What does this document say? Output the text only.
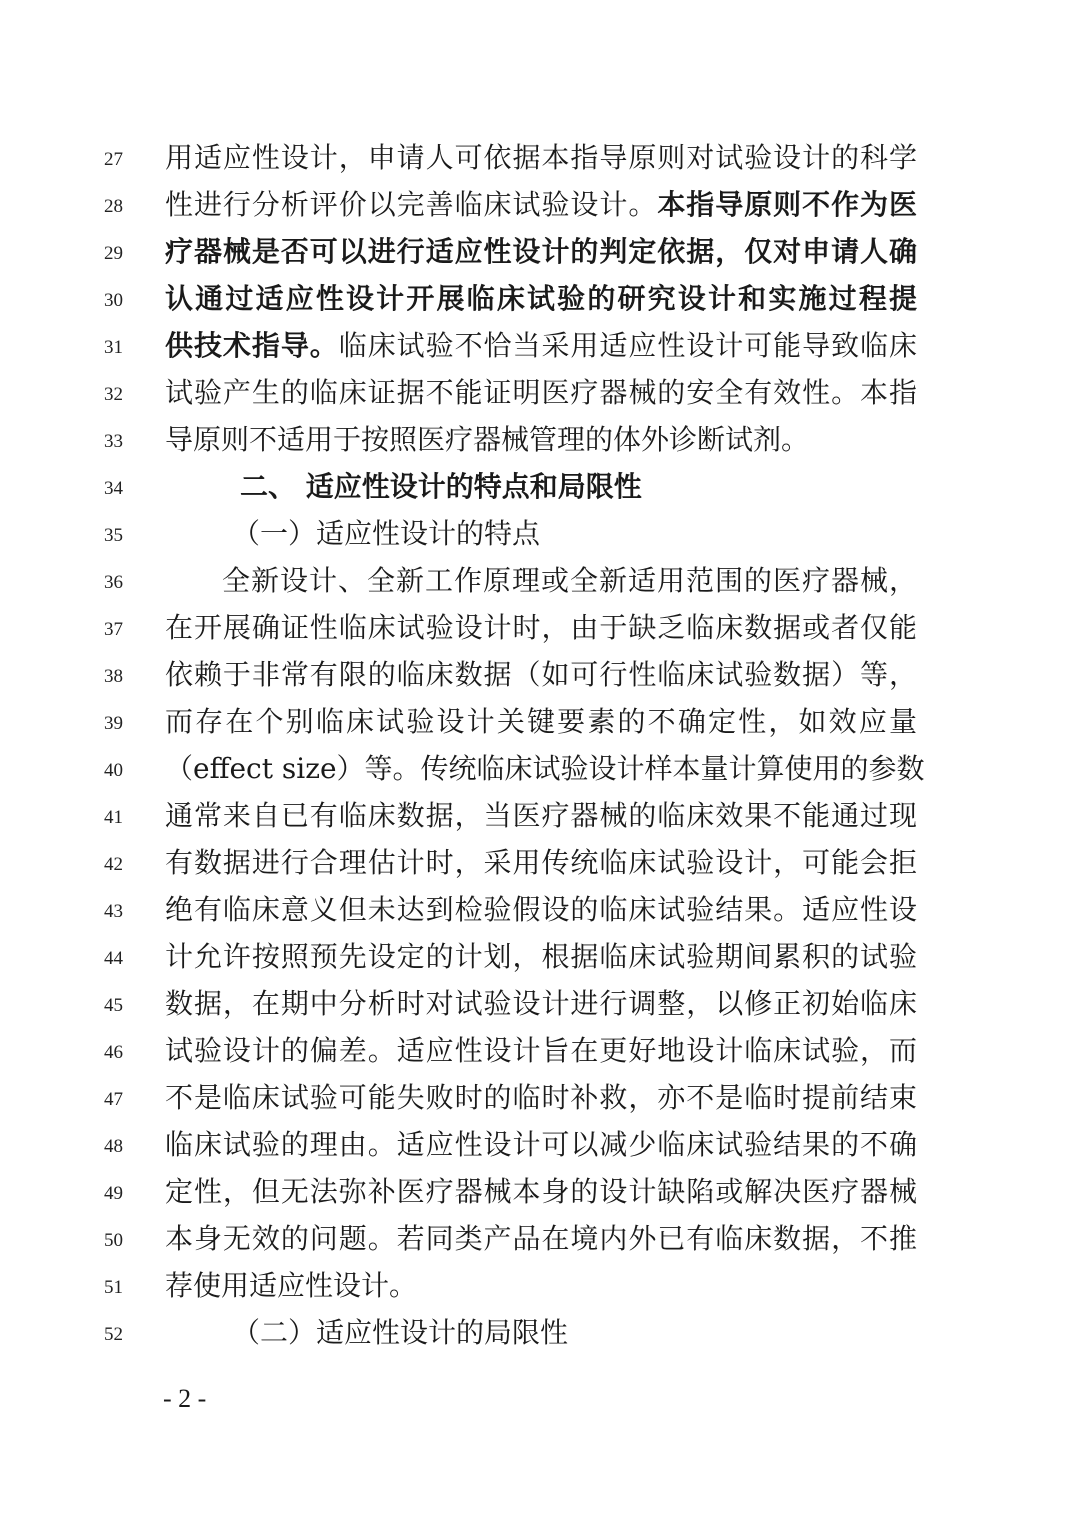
27	用适应性设计，申请人可依据本指导原则对试验设计的科学
28	性进行分析评价以完善临床试验设计。本指导原则不作为医
29	疗器械是否可以进行适应性设计的判定依据，仅对申请人确
30	认通过适应性设计开展临床试验的研究设计和实施过程提
31	供技术指导。临床试验不恰当采用适应性设计可能导致临床
32	试验产生的临床证据不能证明医疗器械的安全有效性。本指
33	导原则不适用于按照医疗器械管理的体外诊断试剂。
34	二、 适应性设计的特点和局限性
35	（一）适应性设计的特点
36	全新设计、全新工作原理或全新适用范围的医疗器械，
37	在开展确证性临床试验设计时，由于缺乏临床数据或者仅能
38	依赖于非常有限的临床数据（如可行性临床试验数据）等，
39	而存在个别临床试验设计关键要素的不确定性，如效应量
40	（effect size）等。传统临床试验设计样本量计算使用的参数
41	通常来自已有临床数据，当医疗器械的临床效果不能通过现
42	有数据进行合理估计时，采用传统临床试验设计，可能会拒
43	绝有临床意义但未达到检验假设的临床试验结果。适应性设
44	计允许按照预先设定的计划，根据临床试验期间累积的试验
45	数据，在期中分析时对试验设计进行调整，以修正初始临床
46	试验设计的偏差。适应性设计旨在更好地设计临床试验，而
47	不是临床试验可能失败时的临时补救，亦不是临时提前结束
48	临床试验的理由。适应性设计可以减少临床试验结果的不确
49	定性，但无法弥补医疗器械本身的设计缺陷或解决医疗器械
50	本身无效的问题。若同类产品在境内外已有临床数据，不推
51	荐使用适应性设计。
52	（二）适应性设计的局限性
- 2 -
